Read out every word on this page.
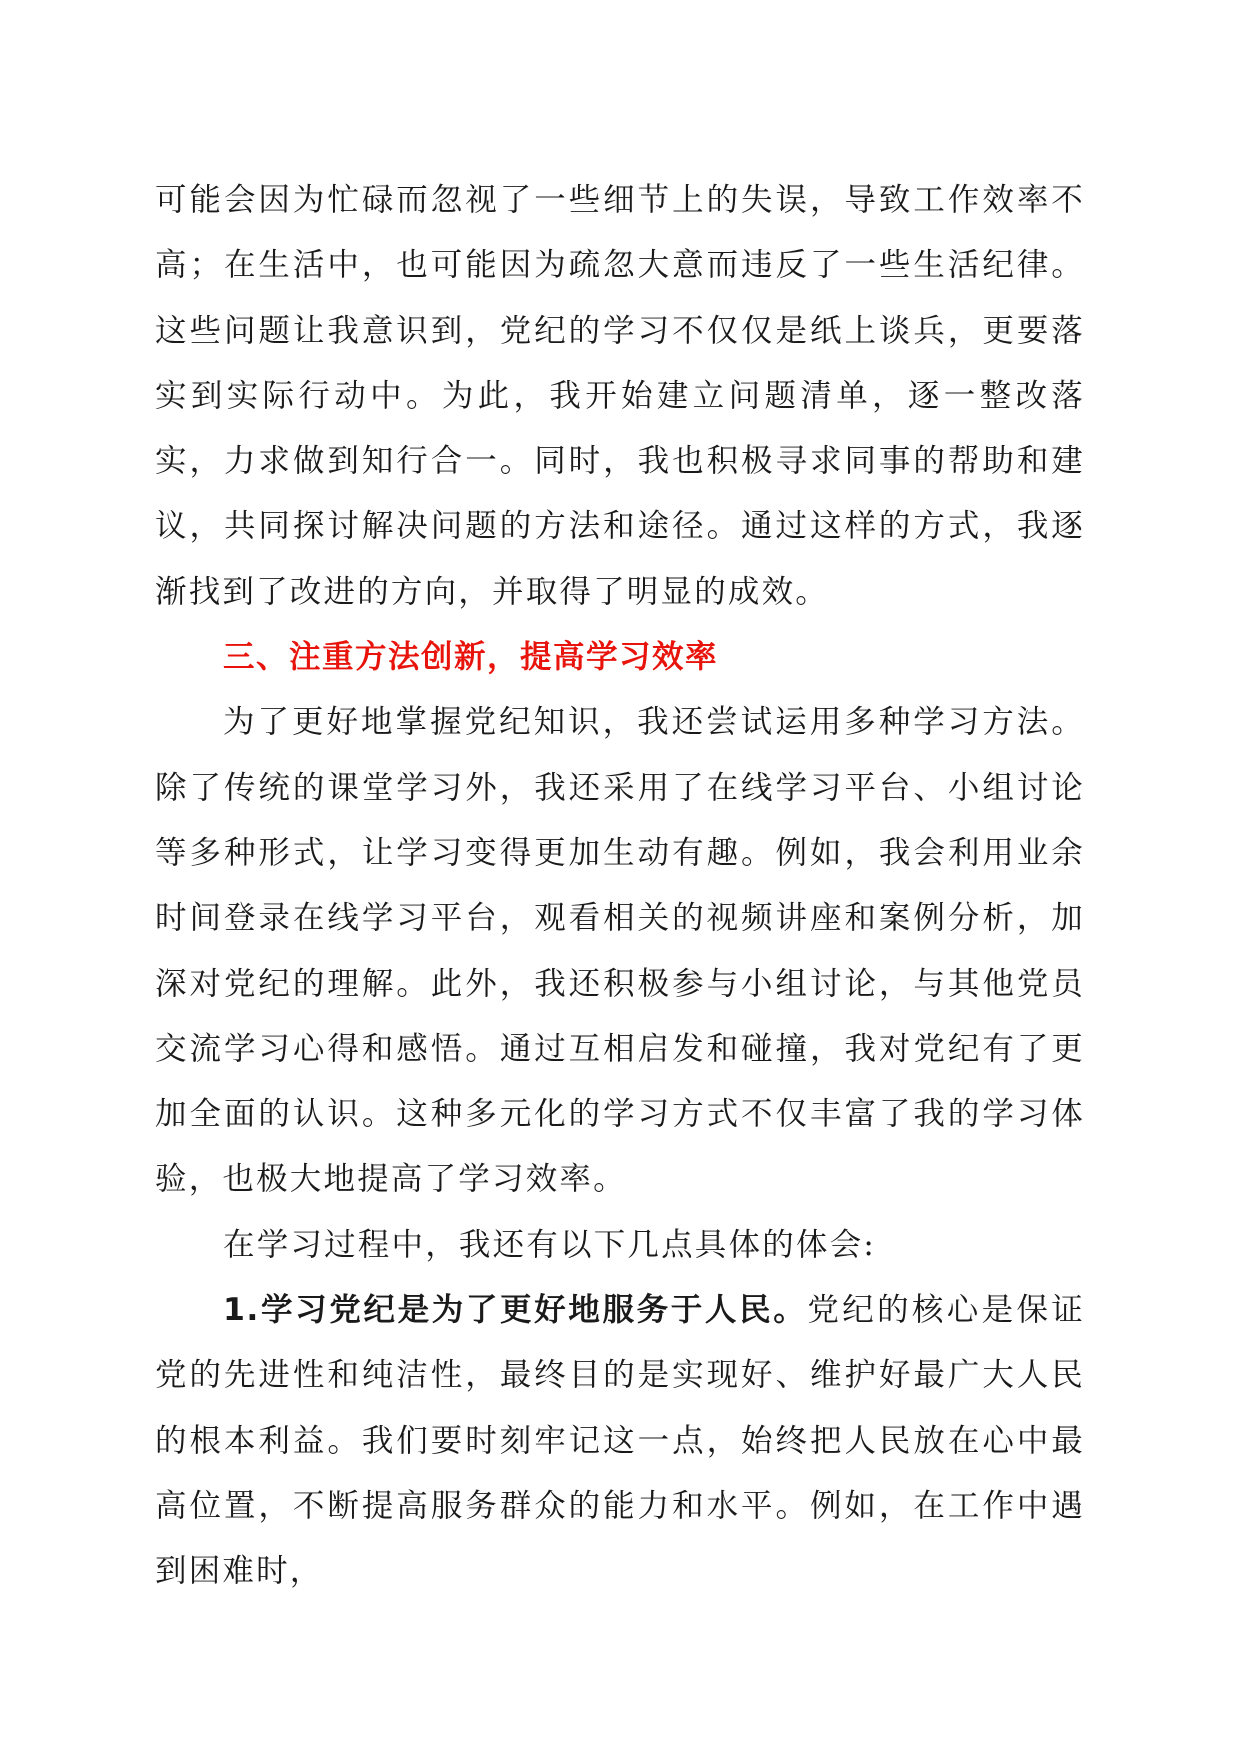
可能会因为忙碌而忽视了一些细节上的失误，导致工作效率不高；在生活中，也可能因为疏忽大意而违反了一些生活纪律。这些问题让我意识到，党纪的学习不仅仅是纸上谈兵，更要落实到实际行动中。为此，我开始建立问题清单，逐一整改落实，力求做到知行合一。同时，我也积极寻求同事的帮助和建议，共同探讨解决问题的方法和途径。通过这样的方式，我逐渐找到了改进的方向，并取得了明显的成效。

三、注重方法创新，提高学习效率

为了更好地掌握党纪知识，我还尝试运用多种学习方法。除了传统的课堂学习外，我还采用了在线学习平台、小组讨论等多种形式，让学习变得更加生动有趣。例如，我会利用业余时间登录在线学习平台，观看相关的视频讲座和案例分析，加深对党纪的理解。此外，我还积极参与小组讨论，与其他党员交流学习心得和感悟。通过互相启发和碰撞，我对党纪有了更加全面的认识。这种多元化的学习方式不仅丰富了我的学习体验，也极大地提高了学习效率。

在学习过程中，我还有以下几点具体的体会:

1.学习党纪是为了更好地服务于人民。党纪的核心是保证党的先进性和纯洁性，最终目的是实现好、维护好最广大人民的根本利益。我们要时刻牢记这一点，始终把人民放在心中最高位置，不断提高服务群众的能力和水平。例如，在工作中遇到困难时，
